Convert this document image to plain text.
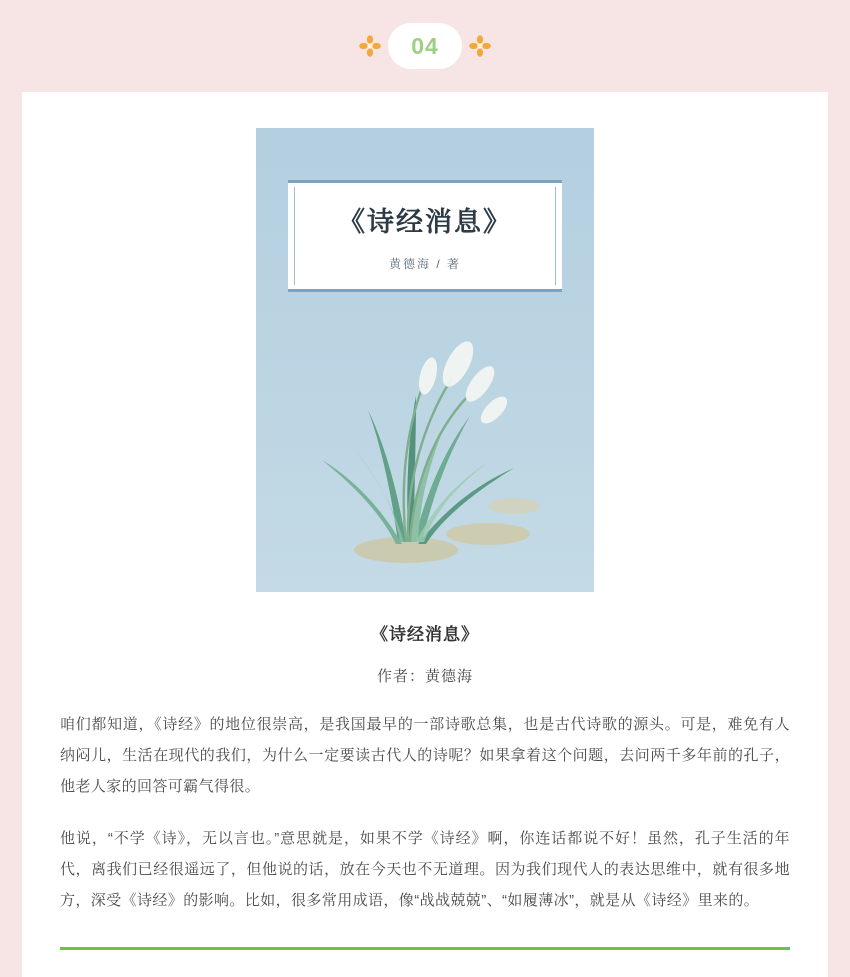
04
《诗经消息》
黄德海 / 著
《诗经消息》
作者：黄德海

咱们都知道，《诗经》的地位很崇高，是我国最早的一部诗歌总集，也是古代诗歌的源头。可是，难免有人纳闷儿，生活在现代的我们，为什么一定要读古代人的诗呢？如果拿着这个问题，去问两千多年前的孔子，他老人家的回答可霸气得很。

他说，“不学《诗》，无以言也。”意思就是，如果不学《诗经》啊，你连话都说不好！虽然，孔子生活的年代，离我们已经很遥远了，但他说的话，放在今天也不无道理。因为我们现代人的表达思维中，就有很多地方，深受《诗经》的影响。比如，很多常用成语，像“战战兢兢”、“如履薄冰”，就是从《诗经》里来的。
